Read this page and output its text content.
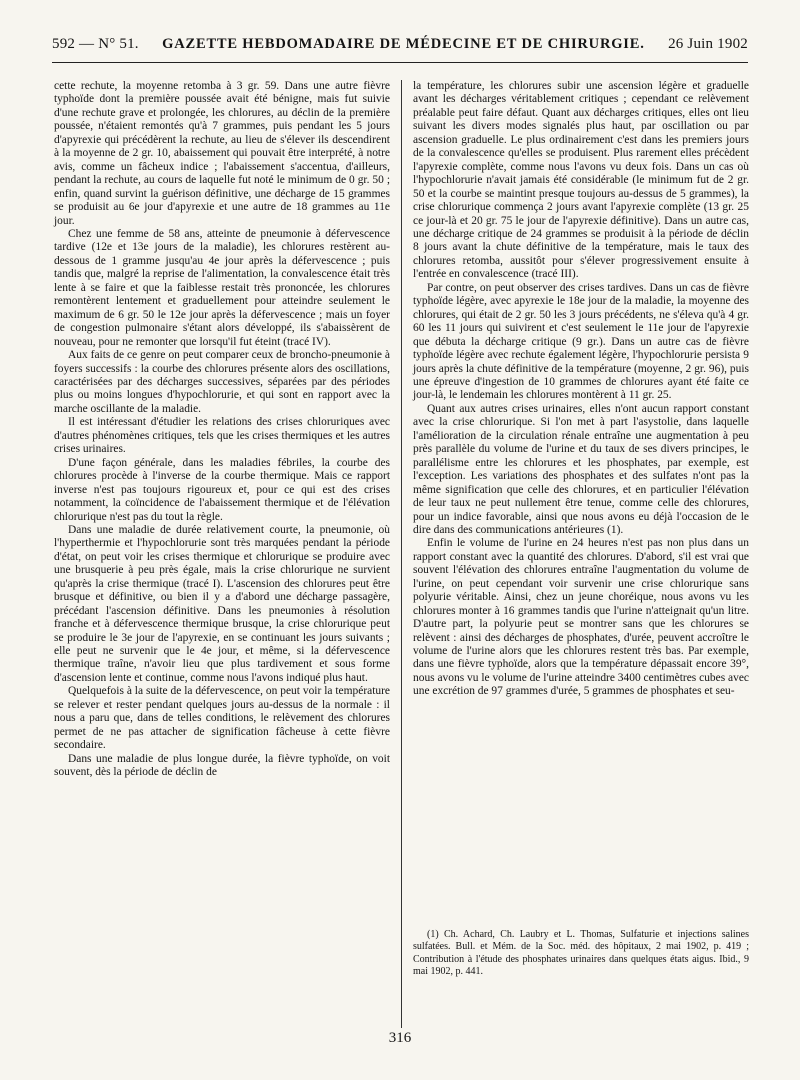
592 — N° 51. GAZETTE HEBDOMADAIRE DE MÉDECINE ET DE CHIRURGIE. 26 Juin 1902

cette rechute, la moyenne retomba à 3 gr. 59. Dans une autre fièvre typhoïde dont la première poussée avait été bénigne, mais fut suivie d'une rechute grave et prolongée, les chlorures, au déclin de la première poussée, n'étaient remontés qu'à 7 grammes, puis pendant les 5 jours d'apyrexie qui précédèrent la rechute, au lieu de s'élever ils descendirent à la moyenne de 2 gr. 10, abaissement qui pouvait être interprété, à notre avis, comme un fâcheux indice ; l'abaissement s'accentua, d'ailleurs, pendant la rechute, au cours de laquelle fut noté le minimum de 0 gr. 50 ; enfin, quand survint la guérison définitive, une décharge de 15 grammes se produisit au 6e jour d'apyrexie et une autre de 18 grammes au 11e jour.

Chez une femme de 58 ans, atteinte de pneumonie à défervescence tardive (12e et 13e jours de la maladie), les chlorures restèrent au-dessous de 1 gramme jusqu'au 4e jour après la défervescence ; puis tandis que, malgré la reprise de l'alimentation, la convalescence était très lente à se faire et que la faiblesse restait très prononcée, les chlorures remontèrent lentement et graduellement pour atteindre seulement le maximum de 6 gr. 50 le 12e jour après la défervescence ; mais un foyer de congestion pulmonaire s'étant alors développé, ils s'abaissèrent de nouveau, pour ne remonter que lorsqu'il fut éteint (tracé IV).

Aux faits de ce genre on peut comparer ceux de broncho-pneumonie à foyers successifs : la courbe des chlorures présente alors des oscillations, caractérisées par des décharges successives, séparées par des périodes plus ou moins longues d'hypochlorurie, et qui sont en rapport avec la marche oscillante de la maladie.

Il est intéressant d'étudier les relations des crises chloruriques avec d'autres phénomènes critiques, tels que les crises thermiques et les autres crises urinaires.

D'une façon générale, dans les maladies fébriles, la courbe des chlorures procède à l'inverse de la courbe thermique. Mais ce rapport inverse n'est pas toujours rigoureux et, pour ce qui est des crises notamment, la coïncidence de l'abaissement thermique et de l'élévation chlorurique n'est pas du tout la règle.

Dans une maladie de durée relativement courte, la pneumonie, où l'hyperthermie et l'hypochlorurie sont très marquées pendant la période d'état, on peut voir les crises thermique et chlorurique se produire avec une brusquerie à peu près égale, mais la crise chlorurique ne survient qu'après la crise thermique (tracé I). L'ascension des chlorures peut être brusque et définitive, ou bien il y a d'abord une décharge passagère, précédant l'ascension définitive. Dans les pneumonies à résolution franche et à défervescence thermique brusque, la crise chlorurique peut se produire le 3e jour de l'apyrexie, en se continuant les jours suivants ; elle peut ne survenir que le 4e jour, et même, si la défervescence thermique traîne, n'avoir lieu que plus tardivement et sous forme d'ascension lente et continue, comme nous l'avons indiqué plus haut.

Quelquefois à la suite de la défervescence, on peut voir la température se relever et rester pendant quelques jours au-dessus de la normale : il nous a paru que, dans de telles conditions, le relèvement des chlorures permet de ne pas attacher de signification fâcheuse à cette fièvre secondaire.

Dans une maladie de plus longue durée, la fièvre typhoïde, on voit souvent, dès la période de déclin de

la température, les chlorures subir une ascension légère et graduelle avant les décharges véritablement critiques ; cependant ce relèvement préalable peut faire défaut. Quant aux décharges critiques, elles ont lieu suivant les divers modes signalés plus haut, par oscillation ou par ascension graduelle. Le plus ordinairement c'est dans les premiers jours de la convalescence qu'elles se produisent. Plus rarement elles précèdent l'apyrexie complète, comme nous l'avons vu deux fois. Dans un cas où l'hypochlorurie n'avait jamais été considérable (le minimum fut de 2 gr. 50 et la courbe se maintint presque toujours au-dessus de 5 grammes), la crise chlorurique commença 2 jours avant l'apyrexie complète (13 gr. 25 ce jour-là et 20 gr. 75 le jour de l'apyrexie définitive). Dans un autre cas, une décharge critique de 24 grammes se produisit à la période de déclin 8 jours avant la chute définitive de la température, mais le taux des chlorures retomba, aussitôt pour s'élever progressivement ensuite à l'entrée en convalescence (tracé III).

Par contre, on peut observer des crises tardives. Dans un cas de fièvre typhoïde légère, avec apyrexie le 18e jour de la maladie, la moyenne des chlorures, qui était de 2 gr. 50 les 3 jours précédents, ne s'éleva qu'à 4 gr. 60 les 11 jours qui suivirent et c'est seulement le 11e jour de l'apyrexie que débuta la décharge critique (9 gr.). Dans un autre cas de fièvre typhoïde légère avec rechute également légère, l'hypochlorurie persista 9 jours après la chute définitive de la température (moyenne, 2 gr. 96), puis une épreuve d'ingestion de 10 grammes de chlorures ayant été faite ce jour-là, le lendemain les chlorures montèrent à 11 gr. 25.

Quant aux autres crises urinaires, elles n'ont aucun rapport constant avec la crise chlorurique. Si l'on met à part l'asystolie, dans laquelle l'amélioration de la circulation rénale entraîne une augmentation à peu près parallèle du volume de l'urine et du taux de ses divers principes, le parallélisme entre les chlorures et les phosphates, par exemple, est l'exception. Les variations des phosphates et des sulfates n'ont pas la même signification que celle des chlorures, et en particulier l'élévation de leur taux ne peut nullement être tenue, comme celle des chlorures, pour un indice favorable, ainsi que nous avons eu déjà l'occasion de le dire dans des communications antérieures (1).

Enfin le volume de l'urine en 24 heures n'est pas non plus dans un rapport constant avec la quantité des chlorures. D'abord, s'il est vrai que souvent l'élévation des chlorures entraîne l'augmentation du volume de l'urine, on peut cependant voir survenir une crise chlorurique sans polyurie véritable. Ainsi, chez un jeune choréique, nous avons vu les chlorures monter à 16 grammes tandis que l'urine n'atteignait qu'un litre. D'autre part, la polyurie peut se montrer sans que les chlorures se relèvent : ainsi des décharges de phosphates, d'urée, peuvent accroître le volume de l'urine alors que les chlorures restent très bas. Par exemple, dans une fièvre typhoïde, alors que la température dépassait encore 39°, nous avons vu le volume de l'urine atteindre 3400 centimètres cubes avec une excrétion de 97 grammes d'urée, 5 grammes de phosphates et seu-

(1) Ch. Achard, Ch. Laubry et L. Thomas, Sulfaturie et injections salines sulfatées. Bull. et Mém. de la Soc. méd. des hôpitaux, 2 mai 1902, p. 419 ; Contribution à l'étude des phosphates urinaires dans quelques états aigus. Ibid., 9 mai 1902, p. 441.

316
